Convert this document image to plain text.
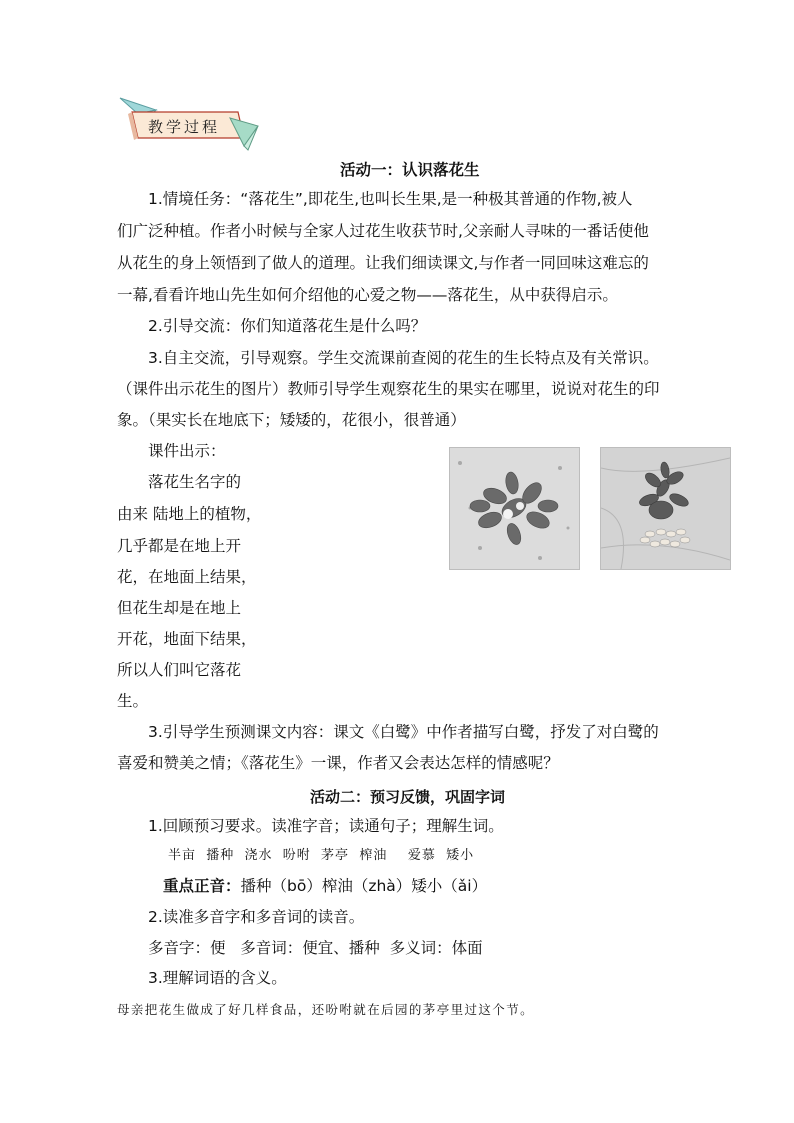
教学过程
活动一：认识落花生
1.情境任务：“落花生”,即花生,也叫长生果,是一种极其普通的作物,被人
们广泛种植。作者小时候与全家人过花生收获节时,父亲耐人寻味的一番话使他
从花生的身上领悟到了做人的道理。让我们细读课文,与作者一同回味这难忘的
一幕,看看许地山先生如何介绍他的心爱之物——落花生，从中获得启示。
2.引导交流：你们知道落花生是什么吗？
3.自主交流，引导观察。学生交流课前查阅的花生的生长特点及有关常识。
（课件出示花生的图片）教师引导学生观察花生的果实在哪里，说说对花生的印
象。（果实长在地底下；矮矮的，花很小，很普通）
课件出示：
落花生名字的
由来 陆地上的植物，
几乎都是在地上开
花，在地面上结果，
但花生却是在地上
开花，地面下结果，
所以人们叫它落花
生。
3.引导学生预测课文内容：课文《白鹭》中作者描写白鹭，抒发了对白鹭的
喜爱和赞美之情；《落花生》一课，作者又会表达怎样的情感呢？
活动二：预习反馈，巩固字词
1.回顾预习要求。读准字音；读通句子；理解生词。
半亩  播种  浇水  吩咐  茅亭  榨油    爱慕  矮小
重点正音：播种（bō）榨油（zhà）矮小（ǎi）
2.读准多音字和多音词的读音。
多音字：便   多音词：便宜、播种  多义词：体面
3.理解词语的含义。
母亲把花生做成了好几样食品，还吩咐就在后园的茅亭里过这个节。
